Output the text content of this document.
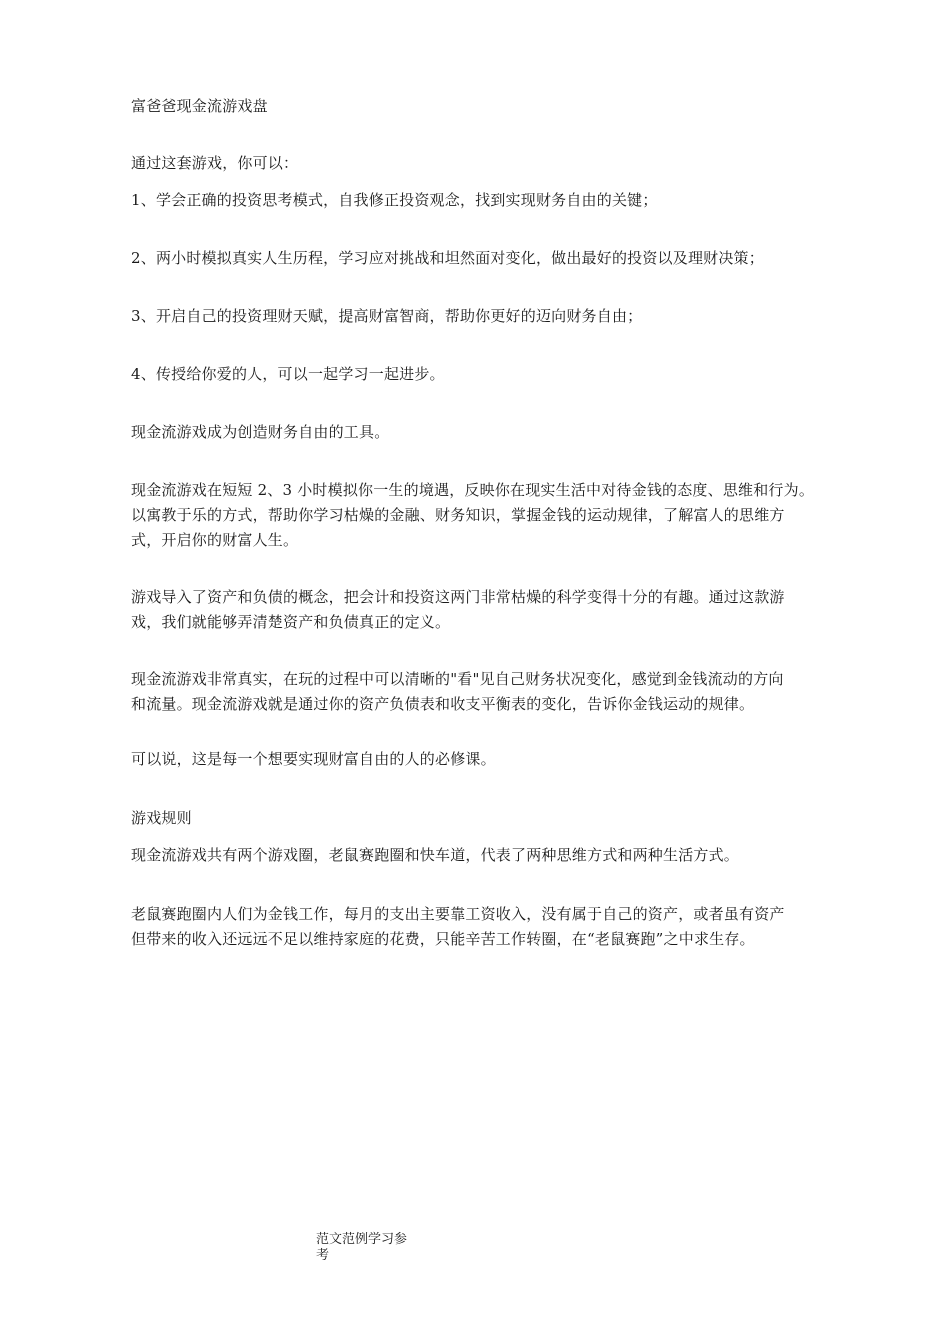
富爸爸现金流游戏盘
通过这套游戏，你可以：
1、学会正确的投资思考模式，自我修正投资观念，找到实现财务自由的关键；
2、两小时模拟真实人生历程，学习应对挑战和坦然面对变化，做出最好的投资以及理财决策；
3、开启自己的投资理财天赋，提高财富智商，帮助你更好的迈向财务自由；
4、传授给你爱的人，可以一起学习一起进步。
现金流游戏成为创造财务自由的工具。
现金流游戏在短短 2、3 小时模拟你一生的境遇，反映你在现实生活中对待金钱的态度、思维和行为。
以寓教于乐的方式，帮助你学习枯燥的金融、财务知识，掌握金钱的运动规律，了解富人的思维方
式，开启你的财富人生。
游戏导入了资产和负债的概念，把会计和投资这两门非常枯燥的科学变得十分的有趣。通过这款游
戏，我们就能够弄清楚资产和负债真正的定义。
现金流游戏非常真实，在玩的过程中可以清晰的"看"见自己财务状况变化，感觉到金钱流动的方向
和流量。现金流游戏就是通过你的资产负债表和收支平衡表的变化，告诉你金钱运动的规律。
可以说，这是每一个想要实现财富自由的人的必修课。
游戏规则
现金流游戏共有两个游戏圈，老鼠赛跑圈和快车道，代表了两种思维方式和两种生活方式。
老鼠赛跑圈内人们为金钱工作，每月的支出主要靠工资收入，没有属于自己的资产，或者虽有资产
但带来的收入还远远不足以维持家庭的花费，只能辛苦工作转圈，在“老鼠赛跑”之中求生存。
范文范例学习参
考
